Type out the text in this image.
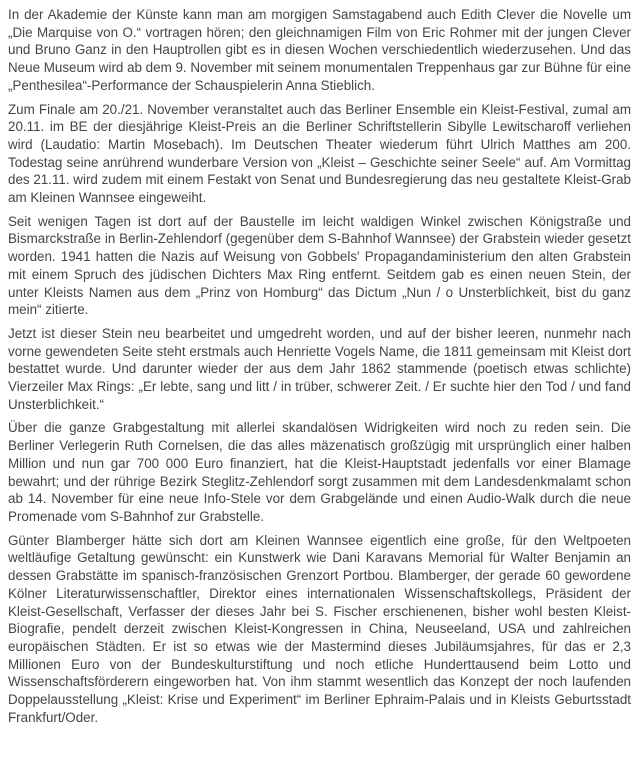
In der Akademie der Künste kann man am morgigen Samstagabend auch Edith Clever die Novelle um „Die Marquise von O.“ vortragen hören; den gleichnamigen Film von Eric Rohmer mit der jungen Clever und Bruno Ganz in den Hauptrollen gibt es in diesen Wochen verschiedentlich wiederzusehen. Und das Neue Museum wird ab dem 9. November mit seinem monumentalen Treppenhaus gar zur Bühne für eine „Penthesilea“-Performance der Schauspielerin Anna Stieblich.

Zum Finale am 20./21. November veranstaltet auch das Berliner Ensemble ein Kleist-Festival, zumal am 20.11. im BE der diesjährige Kleist-Preis an die Berliner Schriftstellerin Sibylle Lewitscharoff verliehen wird (Laudatio: Martin Mosebach). Im Deutschen Theater wiederum führt Ulrich Matthes am 200. Todestag seine anrührend wunderbare Version von „Kleist – Geschichte seiner Seele“ auf. Am Vormittag des 21.11. wird zudem mit einem Festakt von Senat und Bundesregierung das neu gestaltete Kleist-Grab am Kleinen Wannsee eingeweiht.

Seit wenigen Tagen ist dort auf der Baustelle im leicht waldigen Winkel zwischen Königstraße und Bismarckstraße in Berlin-Zehlendorf (gegenüber dem S-Bahnhof Wannsee) der Grabstein wieder gesetzt worden. 1941 hatten die Nazis auf Weisung von Gobbels' Propagandaministerium den alten Grabstein mit einem Spruch des jüdischen Dichters Max Ring entfernt. Seitdem gab es einen neuen Stein, der unter Kleists Namen aus dem „Prinz von Homburg“ das Dictum „Nun / o Unsterblichkeit, bist du ganz mein“ zitierte.

Jetzt ist dieser Stein neu bearbeitet und umgedreht worden, und auf der bisher leeren, nunmehr nach vorne gewendeten Seite steht erstmals auch Henriette Vogels Name, die 1811 gemeinsam mit Kleist dort bestattet wurde. Und darunter wieder der aus dem Jahr 1862 stammende (poetisch etwas schlichte) Vierzeiler Max Rings: „Er lebte, sang und litt / in trüber, schwerer Zeit. / Er suchte hier den Tod / und fand Unsterblichkeit.“

Über die ganze Grabgestaltung mit allerlei skandalösen Widrigkeiten wird noch zu reden sein. Die Berliner Verlegerin Ruth Cornelsen, die das alles mäzenatisch großzügig mit ursprünglich einer halben Million und nun gar 700 000 Euro finanziert, hat die Kleist-Hauptstadt jedenfalls vor einer Blamage bewahrt; und der rührige Bezirk Steglitz-Zehlendorf sorgt zusammen mit dem Landesdenkmalamt schon ab 14. November für eine neue Info-Stele vor dem Grabgelände und einen Audio-Walk durch die neue Promenade vom S-Bahnhof zur Grabstelle.

Günter Blamberger hätte sich dort am Kleinen Wannsee eigentlich eine große, für den Weltpoeten weltläufige Getaltung gewünscht: ein Kunstwerk wie Dani Karavans Memorial für Walter Benjamin an dessen Grabstätte im spanisch-französischen Grenzort Portbou. Blamberger, der gerade 60 gewordene Kölner Literaturwissenschaftler, Direktor eines internationalen Wissenschaftskollegs, Präsident der Kleist-Gesellschaft, Verfasser der dieses Jahr bei S. Fischer erschienenen, bisher wohl besten Kleist-Biografie, pendelt derzeit zwischen Kleist-Kongressen in China, Neuseeland, USA und zahlreichen europäischen Städten. Er ist so etwas wie der Mastermind dieses Jubiläumsjahres, für das er 2,3 Millionen Euro von der Bundeskulturstiftung und noch etliche Hunderttausend beim Lotto und Wissenschaftsförderern eingeworben hat. Von ihm stammt wesentlich das Konzept der noch laufenden Doppelausstellung „Kleist: Krise und Experiment“ im Berliner Ephraim-Palais und in Kleists Geburtsstadt Frankfurt/Oder.
